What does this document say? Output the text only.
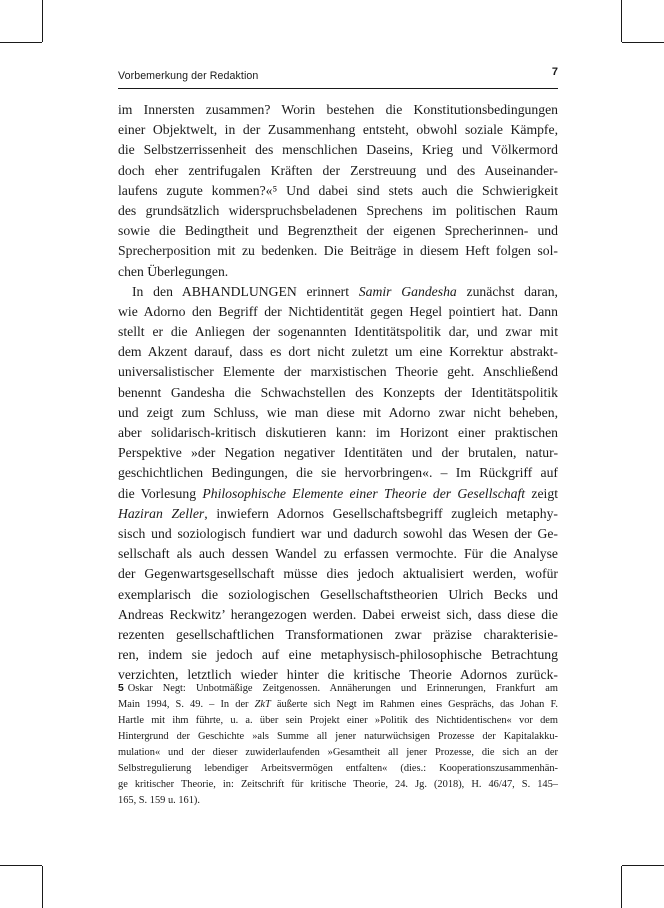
Vorbemerkung der Redaktion	7
im Innersten zusammen? Worin bestehen die Konstitutionsbedingungen
einer Objektwelt, in der Zusammenhang entsteht, obwohl soziale Kämpfe,
die Selbstzerrissenheit des menschlichen Daseins, Krieg und Völkermord
doch eher zentrifugalen Kräften der Zerstreuung und des Auseinander-
laufens zugute kommen?«⁵ Und dabei sind stets auch die Schwierigkeit
des grundsätzlich widerspruchsbeladenen Sprechens im politischen Raum
sowie die Bedingtheit und Begrenztheit der eigenen Sprecherinnen- und
Sprecherposition mit zu bedenken. Die Beiträge in diesem Heft folgen sol-
chen Überlegungen.
In den ABHANDLUNGEN erinnert Samir Gandesha zunächst daran,
wie Adorno den Begriff der Nichtidentität gegen Hegel pointiert hat. Dann
stellt er die Anliegen der sogenannten Identitätspolitik dar, und zwar mit
dem Akzent darauf, dass es dort nicht zuletzt um eine Korrektur abstrakt-
universalistischer Elemente der marxistischen Theorie geht. Anschließend
benennt Gandesha die Schwachstellen des Konzepts der Identitätspolitik
und zeigt zum Schluss, wie man diese mit Adorno zwar nicht beheben,
aber solidarisch-kritisch diskutieren kann: im Horizont einer praktischen
Perspektive »der Negation negativer Identitäten und der brutalen, natur-
geschichtlichen Bedingungen, die sie hervorbringen«. – Im Rückgriff auf
die Vorlesung Philosophische Elemente einer Theorie der Gesellschaft zeigt
Haziran Zeller, inwiefern Adornos Gesellschaftsbegriff zugleich metaphy-
sisch und soziologisch fundiert war und dadurch sowohl das Wesen der Ge-
sellschaft als auch dessen Wandel zu erfassen vermochte. Für die Analyse
der Gegenwartsgesellschaft müsse dies jedoch aktualisiert werden, wofür
exemplarisch die soziologischen Gesellschaftstheorien Ulrich Becks und
Andreas Reckwitz’ herangezogen werden. Dabei erweist sich, dass diese die
rezenten gesellschaftlichen Transformationen zwar präzise charakterisie-
ren, indem sie jedoch auf eine metaphysisch-philosophische Betrachtung
verzichten, letztlich wieder hinter die kritische Theorie Adornos zurück-
5 Oskar Negt: Unbotmäßige Zeitgenossen. Annäherungen und Erinnerungen, Frankfurt am
Main 1994, S. 49. – In der ZkT äußerte sich Negt im Rahmen eines Gesprächs, das Johan F.
Hartle mit ihm führte, u. a. über sein Projekt einer »Politik des Nichtidentischen« vor dem
Hintergrund der Geschichte »als Summe all jener naturwüchsigen Prozesse der Kapitalakku-
mulation« und der dieser zuwiderlaufenden »Gesamtheit all jener Prozesse, die sich an der
Selbstregulierung lebendiger Arbeitsvermögen entfalten« (dies.: Kooperationszusammenhän-
ge kritischer Theorie, in: Zeitschrift für kritische Theorie, 24. Jg. (2018), H. 46/47, S. 145–
165, S. 159 u. 161).
